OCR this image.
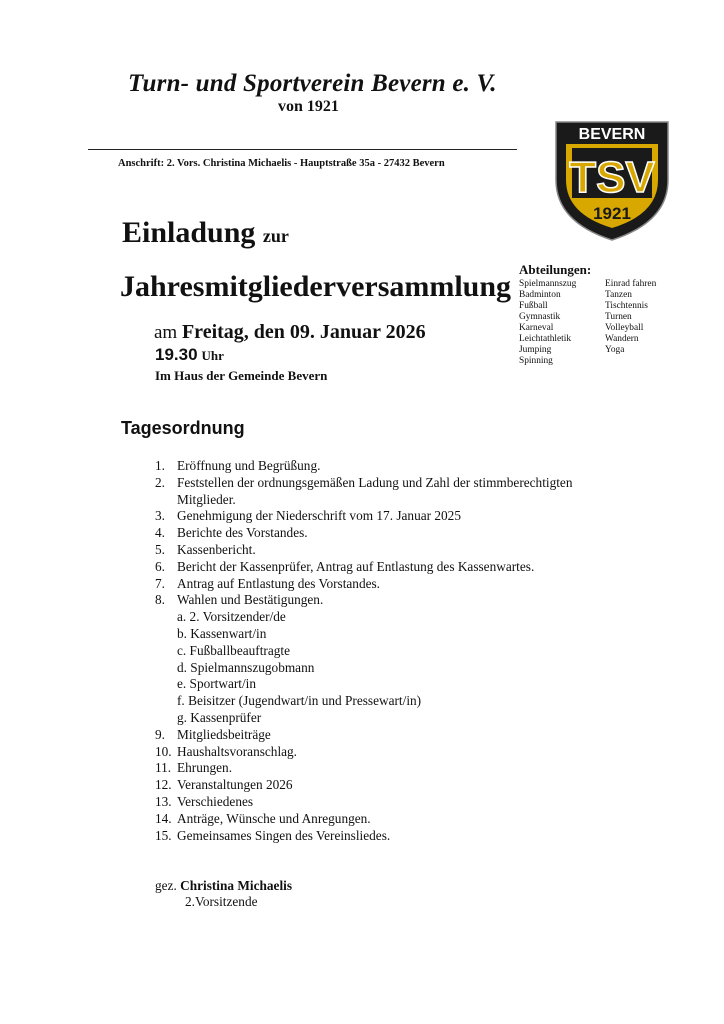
Turn- und Sportverein Bevern e. V.
von 1921
Anschrift: 2. Vors. Christina Michaelis - Hauptstraße 35a - 27432 Bevern
BEVERN
TSV
1921
Einladung zur
Jahresmitgliederversammlung
Abteilungen:
Spielmannszug
Badminton
Fußball
Gymnastik
Karneval
Leichtathletik
Jumping
Spinning
Einrad fahren
Tanzen
Tischtennis
Turnen
Volleyball
Wandern
Yoga
am Freitag, den 09. Januar 2026
19.30 Uhr
Im Haus der Gemeinde Bevern
Tagesordnung
1. Eröffnung und Begrüßung.
2. Feststellen der ordnungsgemäßen Ladung und Zahl der stimmberechtigten Mitglieder.
3. Genehmigung der Niederschrift vom 17. Januar 2025
4. Berichte des Vorstandes.
5. Kassenbericht.
6. Bericht der Kassenprüfer, Antrag auf Entlastung des Kassenwartes.
7. Antrag auf Entlastung des Vorstandes.
8. Wahlen und Bestätigungen.
a. 2. Vorsitzender/de
b. Kassenwart/in
c. Fußballbeauftragte
d. Spielmannszugobmann
e. Sportwart/in
f. Beisitzer (Jugendwart/in und Pressewart/in)
g. Kassenprüfer
9. Mitgliedsbeiträge
10. Haushaltsvoranschlag.
11. Ehrungen.
12. Veranstaltungen 2026
13. Verschiedenes
14. Anträge, Wünsche und Anregungen.
15. Gemeinsames Singen des Vereinsliedes.
gez. Christina Michaelis
2.Vorsitzende
